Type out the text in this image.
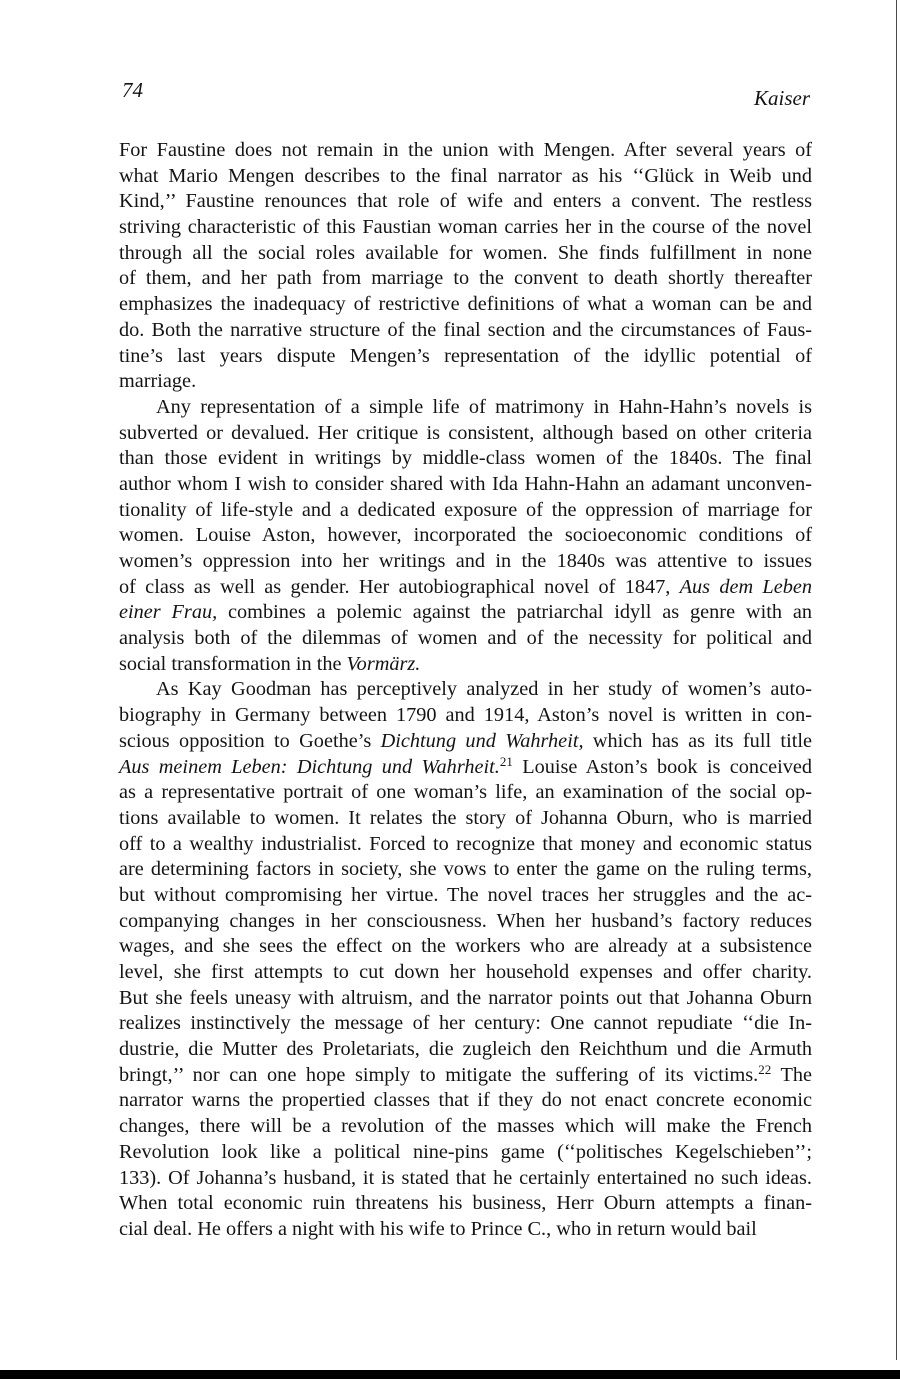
74	Kaiser
For Faustine does not remain in the union with Mengen. After several years of
what Mario Mengen describes to the final narrator as his ‘‘Glück in Weib und
Kind,’’ Faustine renounces that role of wife and enters a convent. The restless
striving characteristic of this Faustian woman carries her in the course of the novel
through all the social roles available for women. She finds fulfillment in none
of them, and her path from marriage to the convent to death shortly thereafter
emphasizes the inadequacy of restrictive definitions of what a woman can be and
do. Both the narrative structure of the final section and the circumstances of Faus-
tine’s last years dispute Mengen’s representation of the idyllic potential of
marriage.
Any representation of a simple life of matrimony in Hahn-Hahn’s novels is
subverted or devalued. Her critique is consistent, although based on other criteria
than those evident in writings by middle-class women of the 1840s. The final
author whom I wish to consider shared with Ida Hahn-Hahn an adamant unconven-
tionality of life-style and a dedicated exposure of the oppression of marriage for
women. Louise Aston, however, incorporated the socioeconomic conditions of
women’s oppression into her writings and in the 1840s was attentive to issues
of class as well as gender. Her autobiographical novel of 1847, Aus dem Leben
einer Frau, combines a polemic against the patriarchal idyll as genre with an
analysis both of the dilemmas of women and of the necessity for political and
social transformation in the Vormärz.
As Kay Goodman has perceptively analyzed in her study of women’s auto-
biography in Germany between 1790 and 1914, Aston’s novel is written in con-
scious opposition to Goethe’s Dichtung und Wahrheit, which has as its full title
Aus meinem Leben: Dichtung und Wahrheit.$^{21}$ Louise Aston’s book is conceived
as a representative portrait of one woman’s life, an examination of the social op-
tions available to women. It relates the story of Johanna Oburn, who is married
off to a wealthy industrialist. Forced to recognize that money and economic status
are determining factors in society, she vows to enter the game on the ruling terms,
but without compromising her virtue. The novel traces her struggles and the ac-
companying changes in her consciousness. When her husband’s factory reduces
wages, and she sees the effect on the workers who are already at a subsistence
level, she first attempts to cut down her household expenses and offer charity.
But she feels uneasy with altruism, and the narrator points out that Johanna Oburn
realizes instinctively the message of her century: One cannot repudiate ‘‘die In-
dustrie, die Mutter des Proletariats, die zugleich den Reichthum und die Armuth
bringt,’’ nor can one hope simply to mitigate the suffering of its victims.$^{22}$ The
narrator warns the propertied classes that if they do not enact concrete economic
changes, there will be a revolution of the masses which will make the French
Revolution look like a political nine-pins game (‘‘politisches Kegelschieben’’;
133). Of Johanna’s husband, it is stated that he certainly entertained no such ideas.
When total economic ruin threatens his business, Herr Oburn attempts a finan-
cial deal. He offers a night with his wife to Prince C., who in return would bail
